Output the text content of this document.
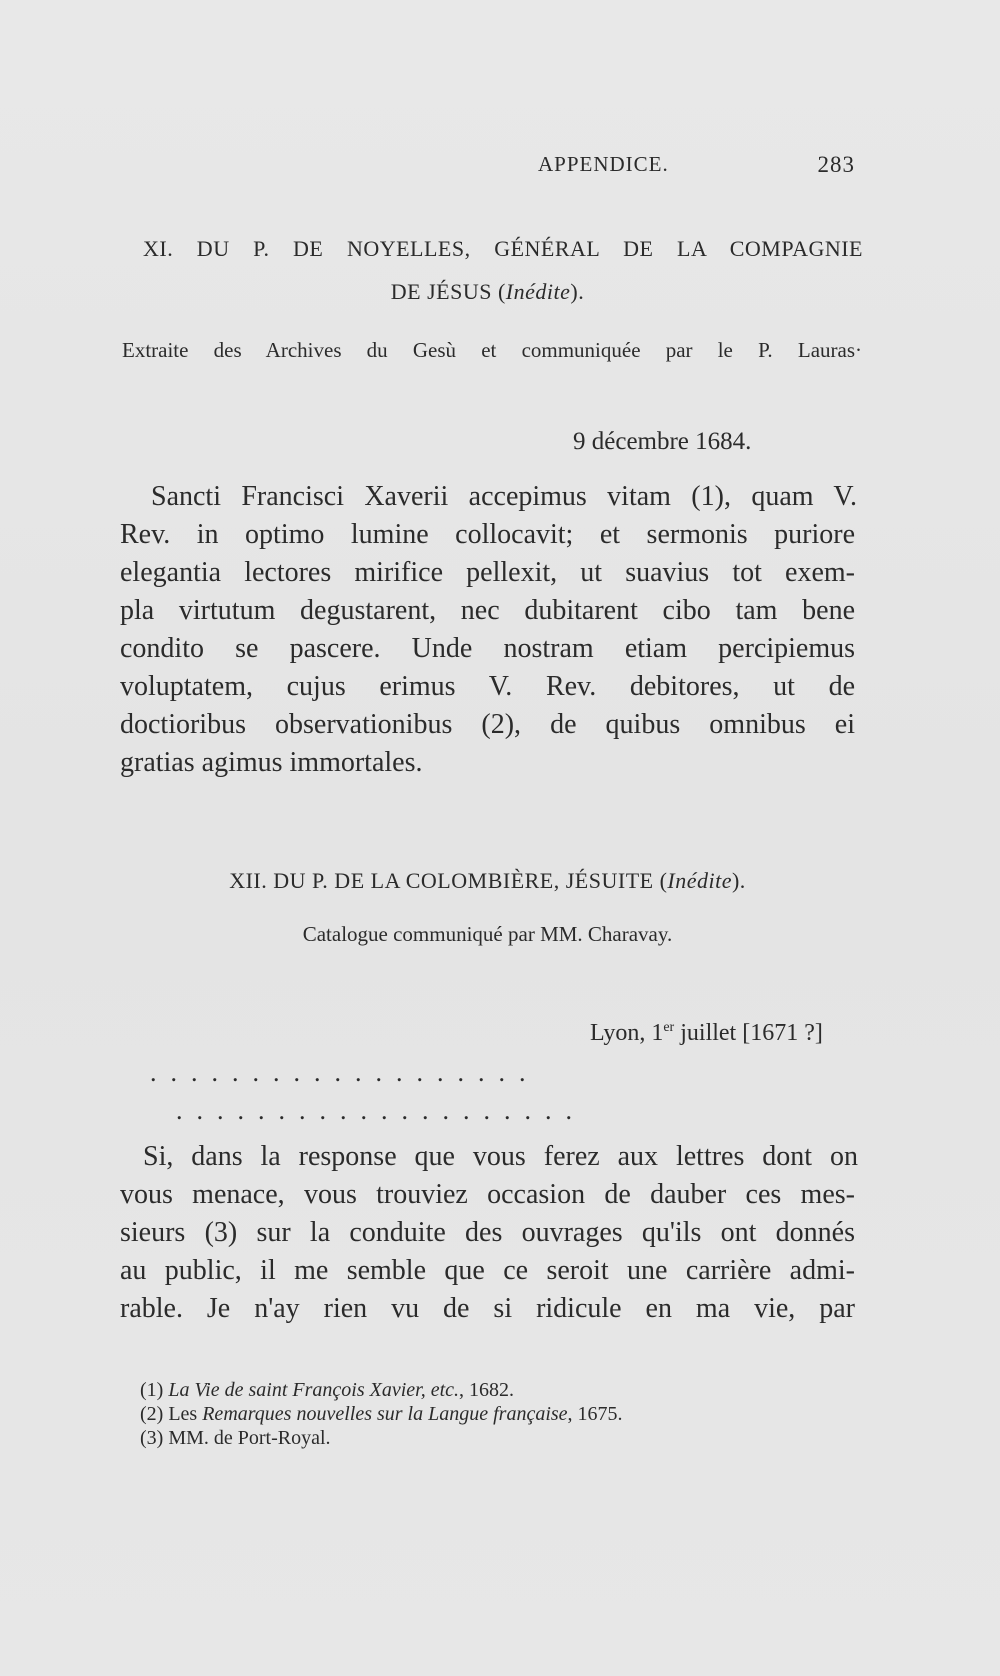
APPENDICE.	283
XI. DU P. DE NOYELLES, GÉNÉRAL DE LA COMPAGNIE
DE JÉSUS (Inédite).
Extraite des Archives du Gesù et communiquée par le P. Lauras·
9 décembre 1684.
Sancti Francisci Xaverii accepimus vitam (1), quam V.
Rev. in optimo lumine collocavit; et sermonis puriore
elegantia lectores mirifice pellexit, ut suavius tot exem-
pla virtutum degustarent, nec dubitarent cibo tam bene
condito se pascere. Unde nostram etiam percipiemus
voluptatem, cujus erimus V. Rev. debitores, ut de
doctioribus observationibus (2), de quibus omnibus ei
gratias agimus immortales.
XII. DU P. DE LA COLOMBIÈRE, JÉSUITE (Inédite).
Catalogue communiqué par MM. Charavay.
Lyon, 1er juillet [1671 ?]
...................
....................
Si, dans la response que vous ferez aux lettres dont on
vous menace, vous trouviez occasion de dauber ces mes-
sieurs (3) sur la conduite des ouvrages qu'ils ont donnés
au public, il me semble que ce seroit une carrière admi-
rable. Je n'ay rien vu de si ridicule en ma vie, par
(1) La Vie de saint François Xavier, etc., 1682.
(2) Les Remarques nouvelles sur la Langue française, 1675.
(3) MM. de Port-Royal.
